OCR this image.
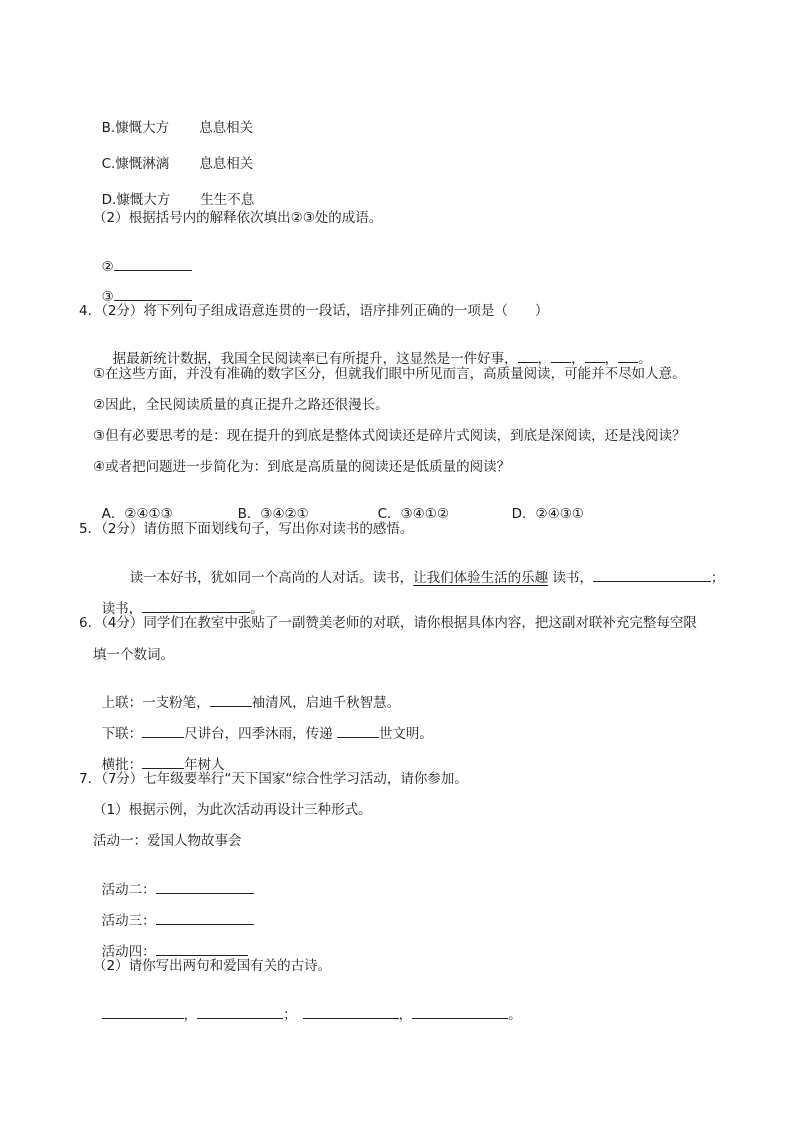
B.慷慨大方 息息相关

C.慷慨淋漓 息息相关

D.慷慨大方 生生不息

（2）根据括号内的解释依次填出②③处的成语。

②

③

4．（2分）将下列句子组成语意连贯的一段话，语序排列正确的一项是（　　）

据最新统计数据，我国全民阅读率已有所提升，这显然是一件好事， ， ， ， 。

①在这些方面，并没有准确的数字区分，但就我们眼中所见而言，高质量阅读，可能并不尽如人意。
②因此，全民阅读质量的真正提升之路还很漫长。
③但有必要思考的是：现在提升的到底是整体式阅读还是碎片式阅读，到底是深阅读，还是浅阅读？
④或者把问题进一步简化为：到底是高质量的阅读还是低质量的阅读？

A．②④①③	B．③④②①	C．③④①②	D．②④③①

5．（2分）请仿照下面划线句子，写出你对读书的感悟。

读一本好书，犹如同一个高尚的人对话。读书，让我们体验生活的乐趣 读书，	；

读书，	。

6．（4分）同学们在教室中张贴了一副赞美老师的对联，请你根据具体内容，把这副对联补充完整每空限
填一个数词。

上联：一支粉笔，	袖清风，启迪千秋智慧。

下联：	尺讲台，四季沐雨，传递	世文明。

横批：	年树人

7．（7分）七年级要举行“天下国家“综合性学习活动，请你参加。
（1）根据示例，为此次活动再设计三种形式。
活动一：爱国人物故事会

活动二：

活动三：

活动四：

（2）请你写出两句和爱国有关的古诗。

，	；	，	。
